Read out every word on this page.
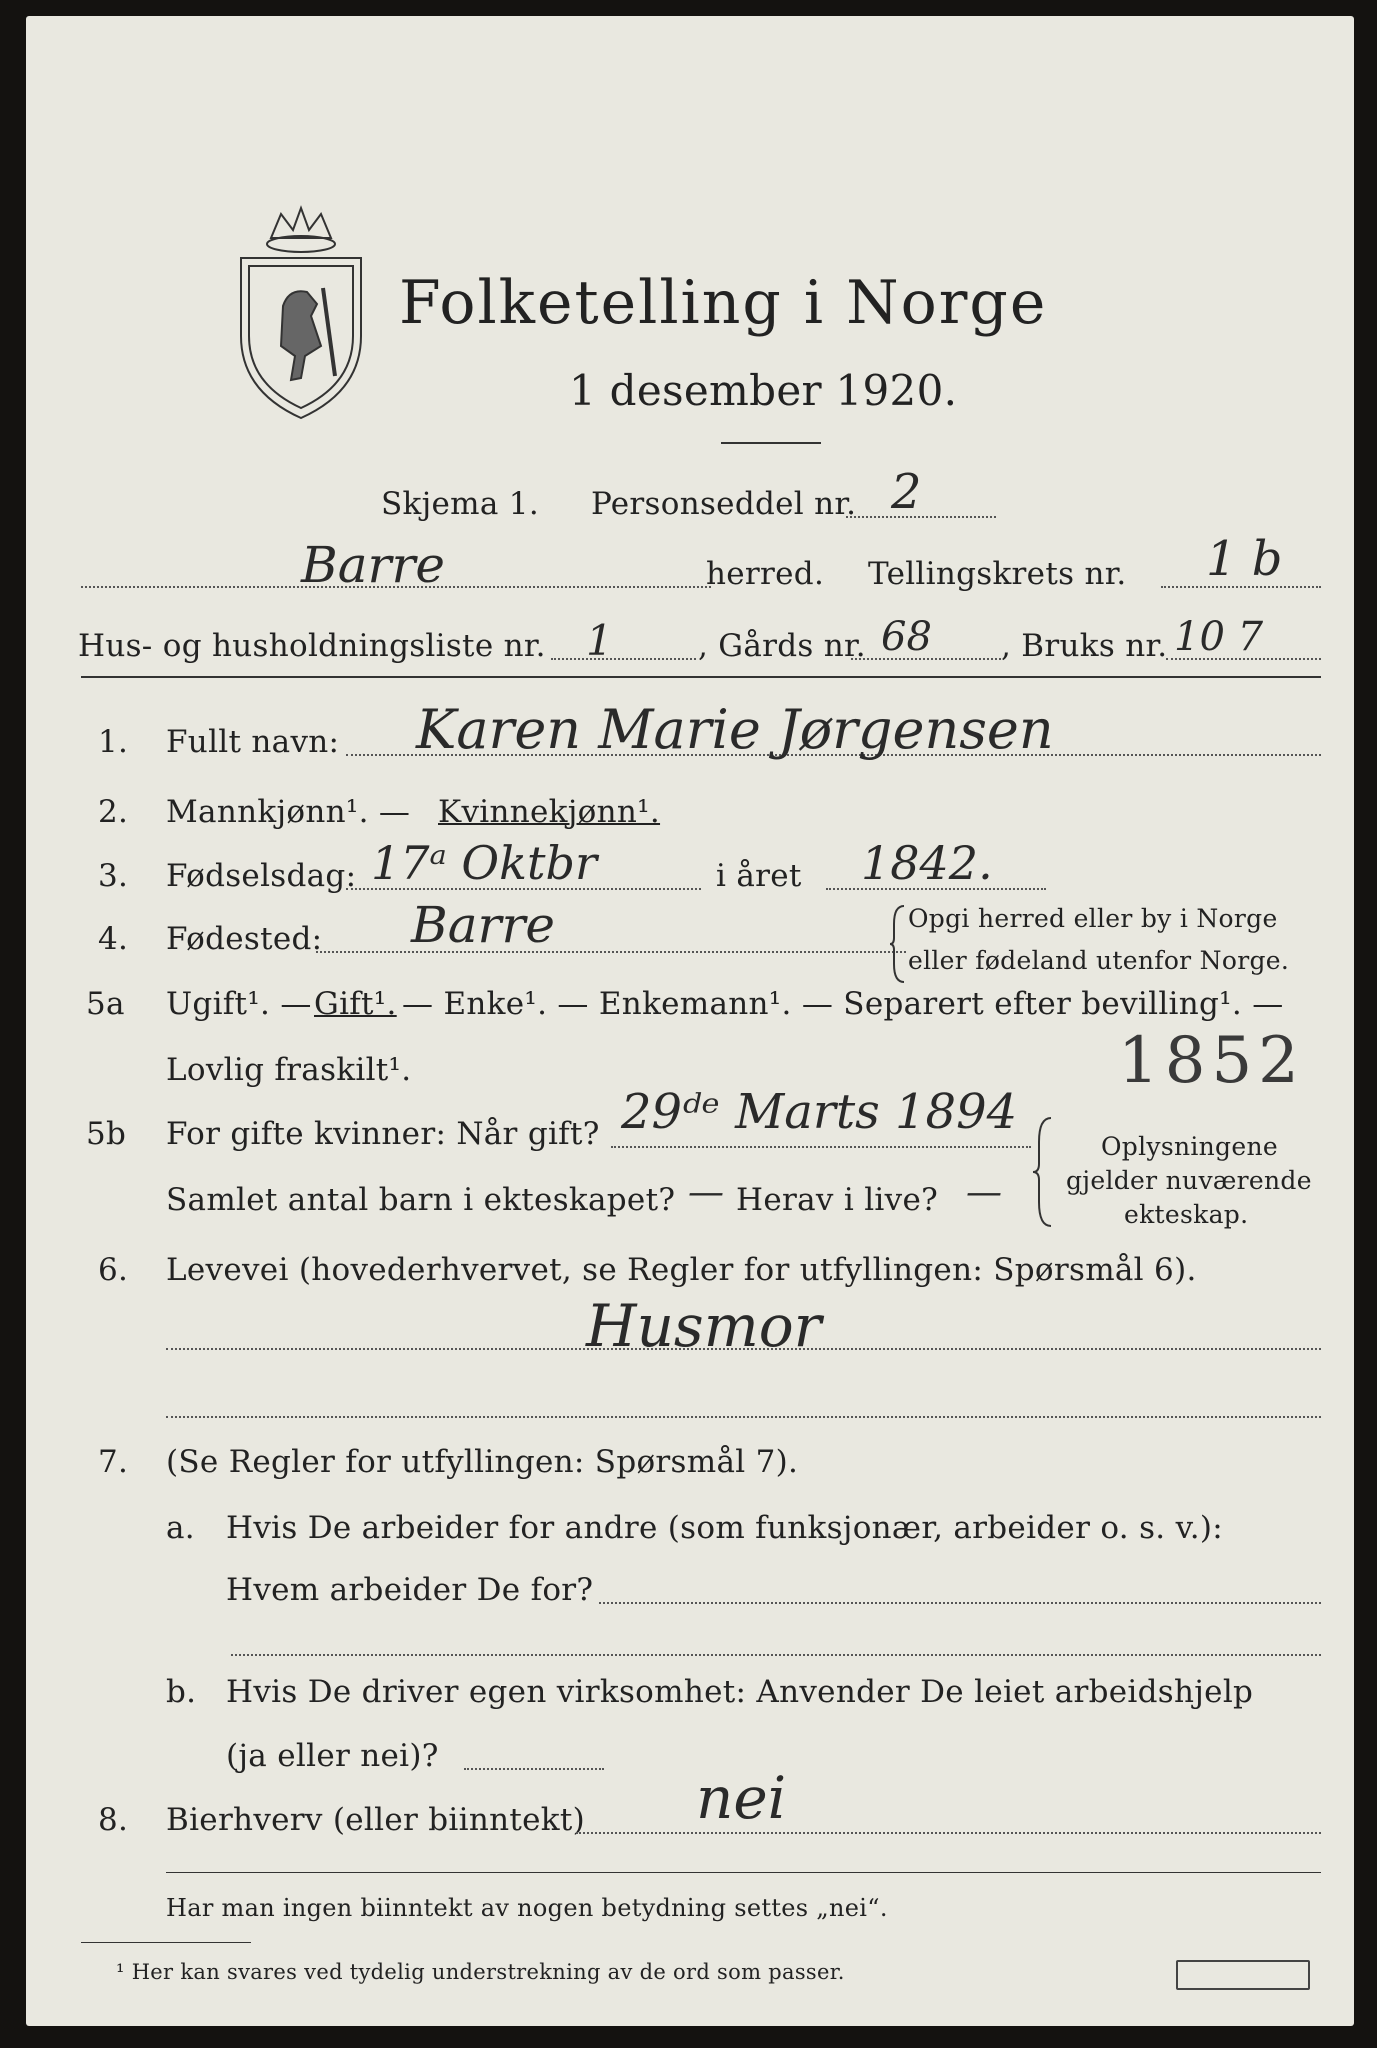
Folketelling i Norge
1 desember 1920.
Skjema 1. Personseddel nr. 2
Barre	herred. Tellingskrets nr. 1 b
Hus- og husholdningsliste nr. 1	, Gårds nr. 68 , Bruks nr. 10 7
1. Fullt navn: Karen Marie Jørgensen
2. Mannkjønn¹. — Kvinnekjønn¹.
3. Fødselsdag: 17ᵃ Oktbr	i året 1842.
4. Fødested: Barre	Opgi herred eller by i Norge
eller fødeland utenfor Norge.
5a Ugift¹. — Gift¹. — Enke¹. — Enkemann¹. — Separert efter bevilling¹. —
Lovlig fraskilt¹.	1852
5b For gifte kvinner: Når gift? 29ᵈᵉ Marts 1894
Samlet antal barn i ekteskapet? — Herav i live? —
Oplysningene
gjelder nuværende
ekteskap.
6. Levevei (hovederhvervet, se Regler for utfyllingen: Spørsmål 6).
Husmor
7. (Se Regler for utfyllingen: Spørsmål 7).
a. Hvis De arbeider for andre (som funksjonær, arbeider o. s. v.):
Hvem arbeider De for?
b. Hvis De driver egen virksomhet: Anvender De leiet arbeidshjelp
(ja eller nei)?
8. Bierhverv (eller biinntekt) nei
Har man ingen biinntekt av nogen betydning settes „nei“.
¹ Her kan svares ved tydelig understrekning av de ord som passer.
